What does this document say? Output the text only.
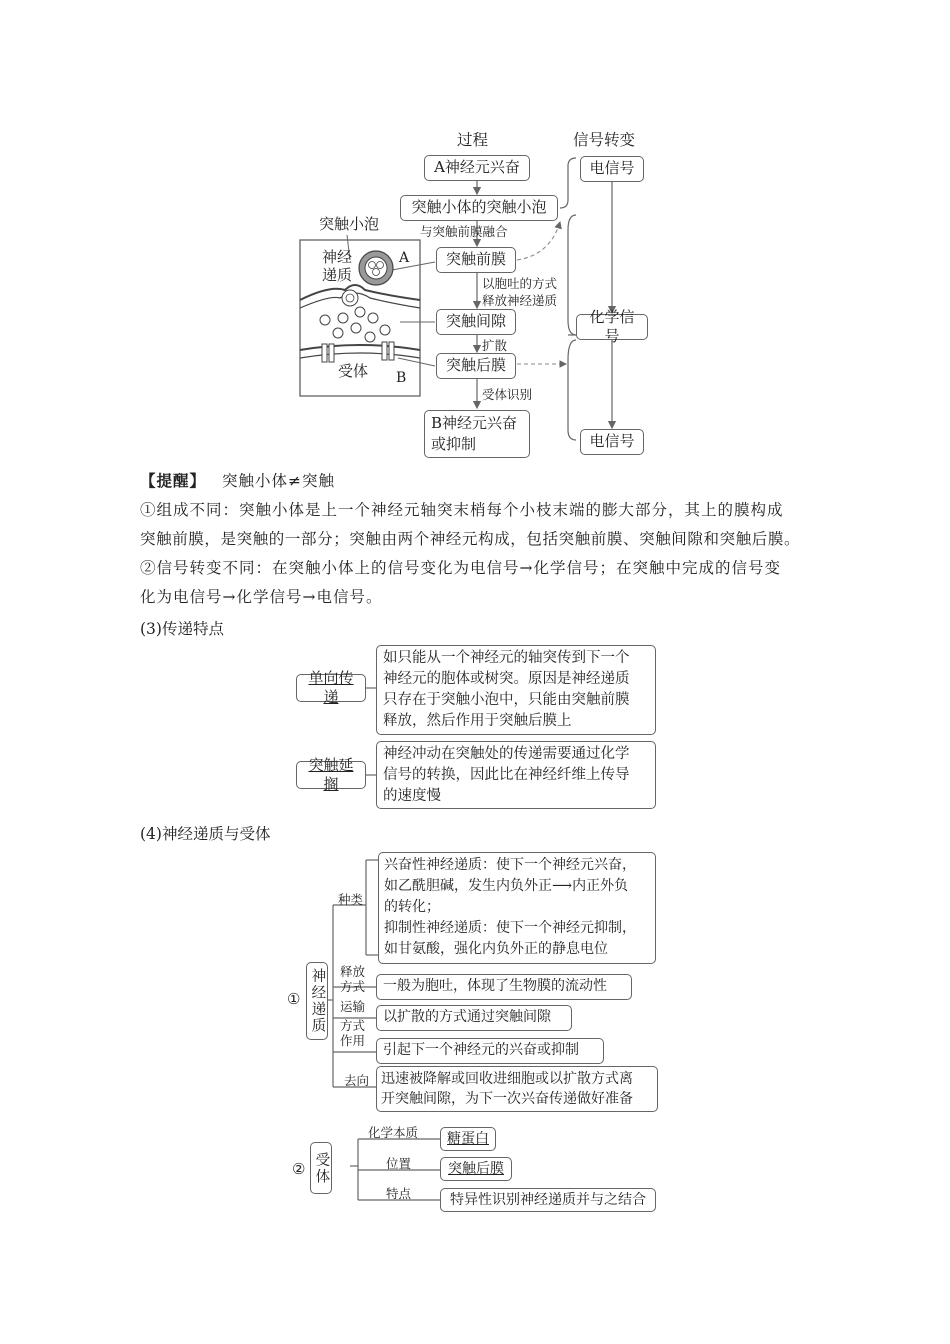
过程	信号转变
A神经元兴奋
突触小体的突触小泡
与突触前膜融合
突触前膜
以胞吐的方式
释放神经递质
突触间隙
扩散
突触后膜
受体识别
B神经元兴奋
或抑制
电信号
化学信号
电信号
突触小泡
神经
递质
A
受体 B
【提醒】 突触小体≠突触
①组成不同：突触小体是上一个神经元轴突末梢每个小枝末端的膨大部分，其上的膜构成
突触前膜，是突触的一部分；突触由两个神经元构成，包括突触前膜、突触间隙和突触后膜。
②信号转变不同：在突触小体上的信号变化为电信号→化学信号；在突触中完成的信号变
化为电信号→化学信号→电信号。
(3)传递特点
单向传递
如只能从一个神经元的轴突传到下一个
神经元的胞体或树突。原因是神经递质
只存在于突触小泡中，只能由突触前膜
释放，然后作用于突触后膜上
突触延搁
神经冲动在突触处的传递需要通过化学
信号的转换，因此比在神经纤维上传导
的速度慢
(4)神经递质与受体
① 神经递质
种类
兴奋性神经递质：使下一个神经元兴奋，
如乙酰胆碱，发生内负外正⟶内正外负
的转化；
抑制性神经递质：使下一个神经元抑制，
如甘氨酸，强化内负外正的静息电位
释放
方式	一般为胞吐，体现了生物膜的流动性
运输
以扩散的方式通过突触间隙
方式
作用
引起下一个神经元的兴奋或抑制
去向 迅速被降解或回收进细胞或以扩散方式离
开突触间隙，为下一次兴奋传递做好准备
② 受体
化学本质 糖蛋白
位置	突触后膜
特点	特异性识别神经递质并与之结合
